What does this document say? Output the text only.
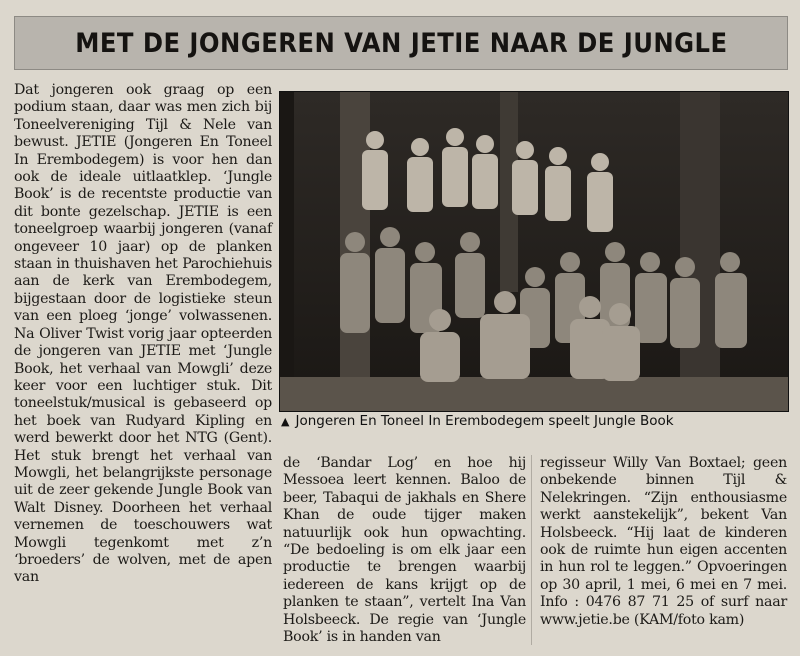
MET DE JONGEREN VAN JETIE NAAR DE JUNGLE

Dat jongeren ook graag op een podium staan, daar was men zich bij Toneelvereniging Tijl & Nele van bewust. JETIE (Jongeren En Toneel In Erembodegem) is voor hen dan ook de ideale uitlaatklep. ‘Jungle Book’ is de recentste productie van dit bonte gezelschap. JETIE is een toneelgroep waarbij jongeren (vanaf ongeveer 10 jaar) op de planken staan in thuishaven het Parochiehuis aan de kerk van Erembodegem, bijgestaan door de logistieke steun van een ploeg ‘jonge’ volwassenen. Na Oliver Twist vorig jaar opteerden de jongeren van JETIE met ‘Jungle Book, het verhaal van Mowgli’ deze keer voor een luchtiger stuk. Dit toneelstuk/musical is gebaseerd op het boek van Rudyard Kipling en werd bewerkt door het NTG (Gent). Het stuk brengt het verhaal van Mowgli, het belangrijkste personage uit de zeer gekende Jungle Book van Walt Disney. Doorheen het verhaal vernemen de toeschouwers wat Mowgli tegenkomt met z’n ‘broeders’ de wolven, met de apen van

▲ Jongeren En Toneel In Erembodegem speelt Jungle Book

de ‘Bandar Log’ en hoe hij Messoea leert kennen. Baloo de beer, Tabaqui de jakhals en Shere Khan de oude tijger maken natuurlijk ook hun opwachting. “De bedoeling is om elk jaar een productie te brengen waarbij iedereen de kans krijgt op de planken te staan”, vertelt Ina Van Holsbeeck. De regie van ‘Jungle Book’ is in handen van

regisseur Willy Van Boxtael; geen onbekende binnen Tijl & Nelekringen. “Zijn enthousiasme werkt aanstekelijk”, bekent Van Holsbeeck. “Hij laat de kinderen ook de ruimte hun eigen accenten in hun rol te leggen.” Opvoeringen op 30 april, 1 mei, 6 mei en 7 mei. Info : 0476 87 71 25 of surf naar www.jetie.be (KAM/foto kam)
